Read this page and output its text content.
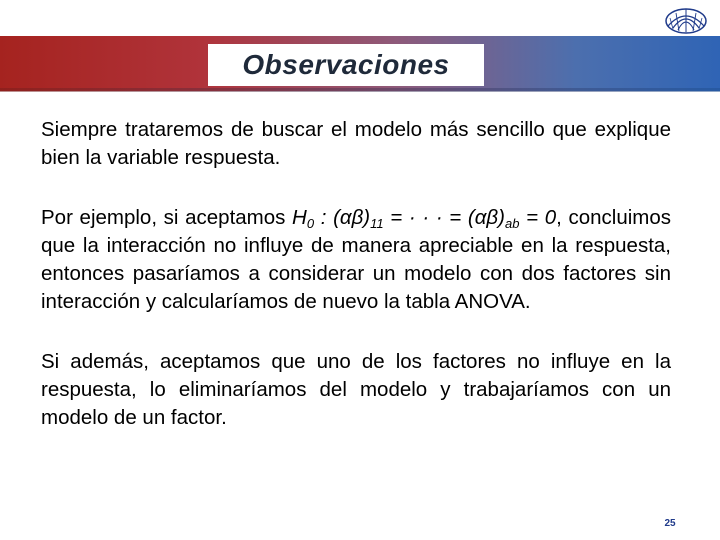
Observaciones

Siempre trataremos de buscar el modelo más sencillo que explique bien la variable respuesta.

Por ejemplo, si aceptamos $H_0$ : $(\alpha\beta)_{11}$ = · · · = $(\alpha\beta)_{ab} = 0$, concluimos que la interacción no influye de manera apreciable en la respuesta, entonces pasaríamos a considerar un modelo con dos factores sin interacción y calcularíamos de nuevo la tabla ANOVA.

Si además, aceptamos que uno de los factores no influye en la respuesta, lo eliminaríamos del modelo y trabajaríamos con un modelo de un factor.

25
